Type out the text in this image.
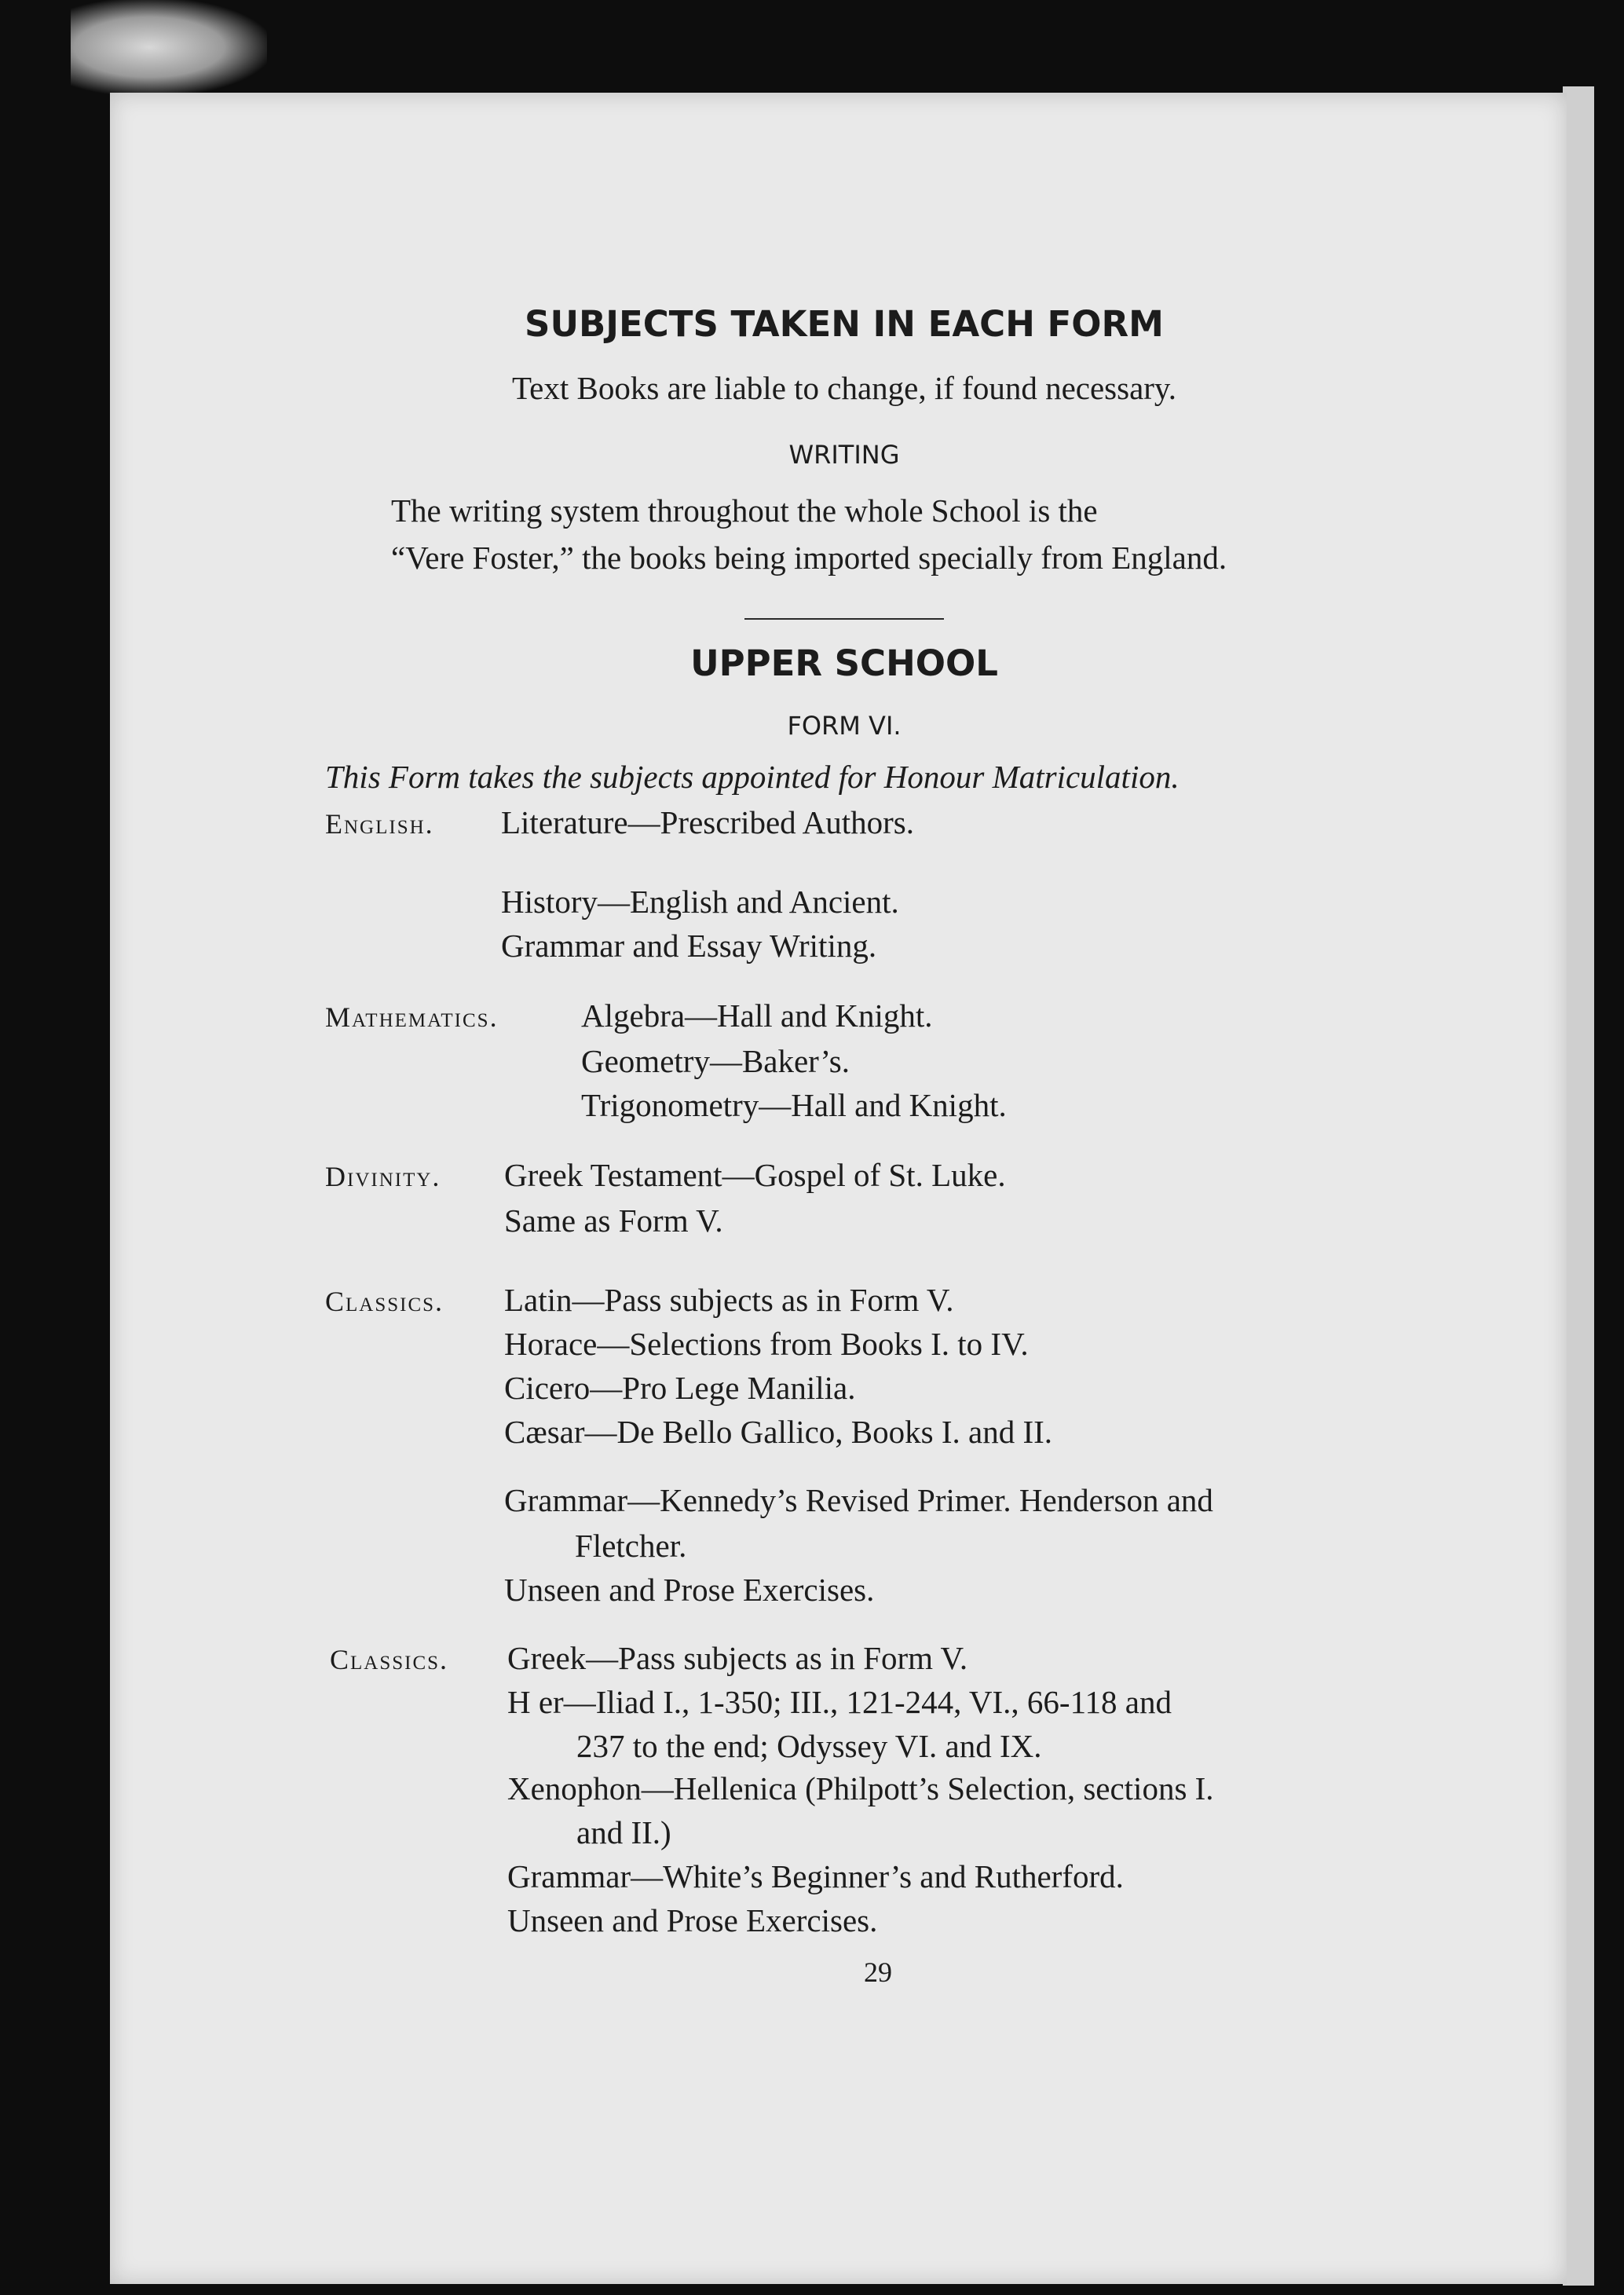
SUBJECTS TAKEN IN EACH FORM
Text Books are liable to change, if found necessary.
WRITING
The writing system throughout the whole School is the
“Vere Foster,” the books being imported specially from England.
UPPER SCHOOL
FORM VI.
This Form takes the subjects appointed for Honour Matriculation.
English. Literature—Prescribed Authors.
History—English and Ancient.
Grammar and Essay Writing.
Mathematics.	Algebra—Hall and Knight.
Geometry—Baker’s.
Trigonometry—Hall and Knight.
Divinity. Greek Testament—Gospel of St. Luke.
Same as Form V.
Classics. Latin—Pass subjects as in Form V.
Horace—Selections from Books I. to IV.
Cicero—Pro Lege Manilia.
Cæsar—De Bello Gallico, Books I. and II.
Grammar—Kennedy’s Revised Primer. Henderson and
Fletcher.
Unseen and Prose Exercises.
Classics. Greek—Pass subjects as in Form V.
H er—Iliad I., 1-350; III., 121-244, VI., 66-118 and
237 to the end; Odyssey VI. and IX.
Xenophon—Hellenica (Philpott’s Selection, sections I.
and II.)
Grammar—White’s Beginner’s and Rutherford.
Unseen and Prose Exercises.
29
